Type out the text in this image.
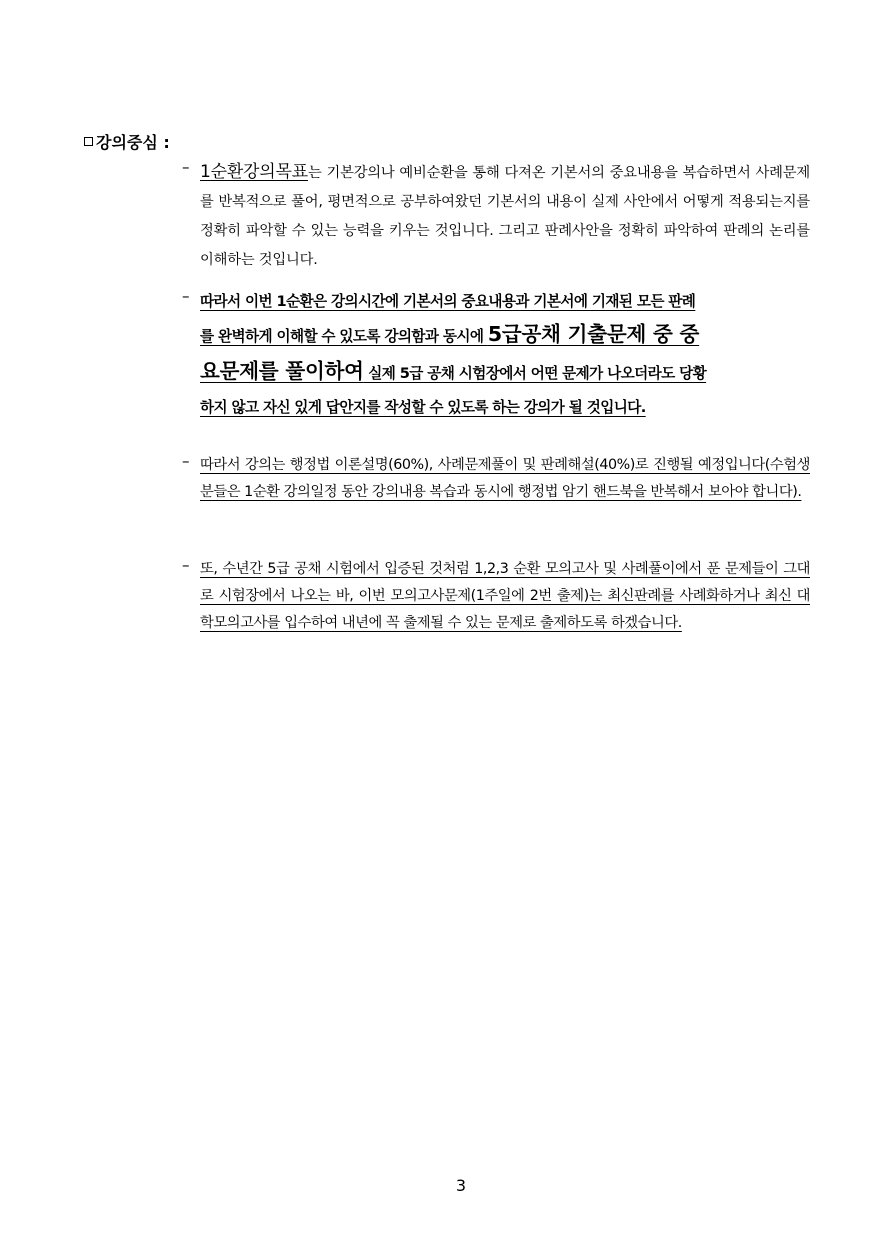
강의중심 :
– 1순환강의목표는 기본강의나 예비순환을 통해 다져온 기본서의 중요내용을 복습하면서 사례문제를 반복적으로 풀어, 평면적으로 공부하여왔던 기본서의 내용이 실제 사안에서 어떻게 적용되는지를 정확히 파악할 수 있는 능력을 키우는 것입니다. 그리고 판례사안을 정확히 파악하여 판례의 논리를 이해하는 것입니다.
– 따라서 이번 1순환은 강의시간에 기본서의 중요내용과 기본서에 기재된 모든 판례
를 완벽하게 이해할 수 있도록 강의함과 동시에 5급공채 기출문제 중 중
요문제를 풀이하여 실제 5급 공채 시험장에서 어떤 문제가 나오더라도 당황
하지 않고 자신 있게 답안지를 작성할 수 있도록 하는 강의가 될 것입니다.
– 따라서 강의는 행정법 이론설명(60%), 사례문제풀이 및 판례해설(40%)로 진행될 예정입니다(수험생분들은 1순환 강의일정 동안 강의내용 복습과 동시에 행정법 암기 핸드북을 반복해서 보아야 합니다).
– 또, 수년간 5급 공채 시험에서 입증된 것처럼 1,2,3 순환 모의고사 및 사례풀이에서 푼 문제들이 그대로 시험장에서 나오는 바, 이번 모의고사문제(1주일에 2번 출제)는 최신판례를 사례화하거나 최신 대학모의고사를 입수하여 내년에 꼭 출제될 수 있는 문제로 출제하도록 하겠습니다.
3
